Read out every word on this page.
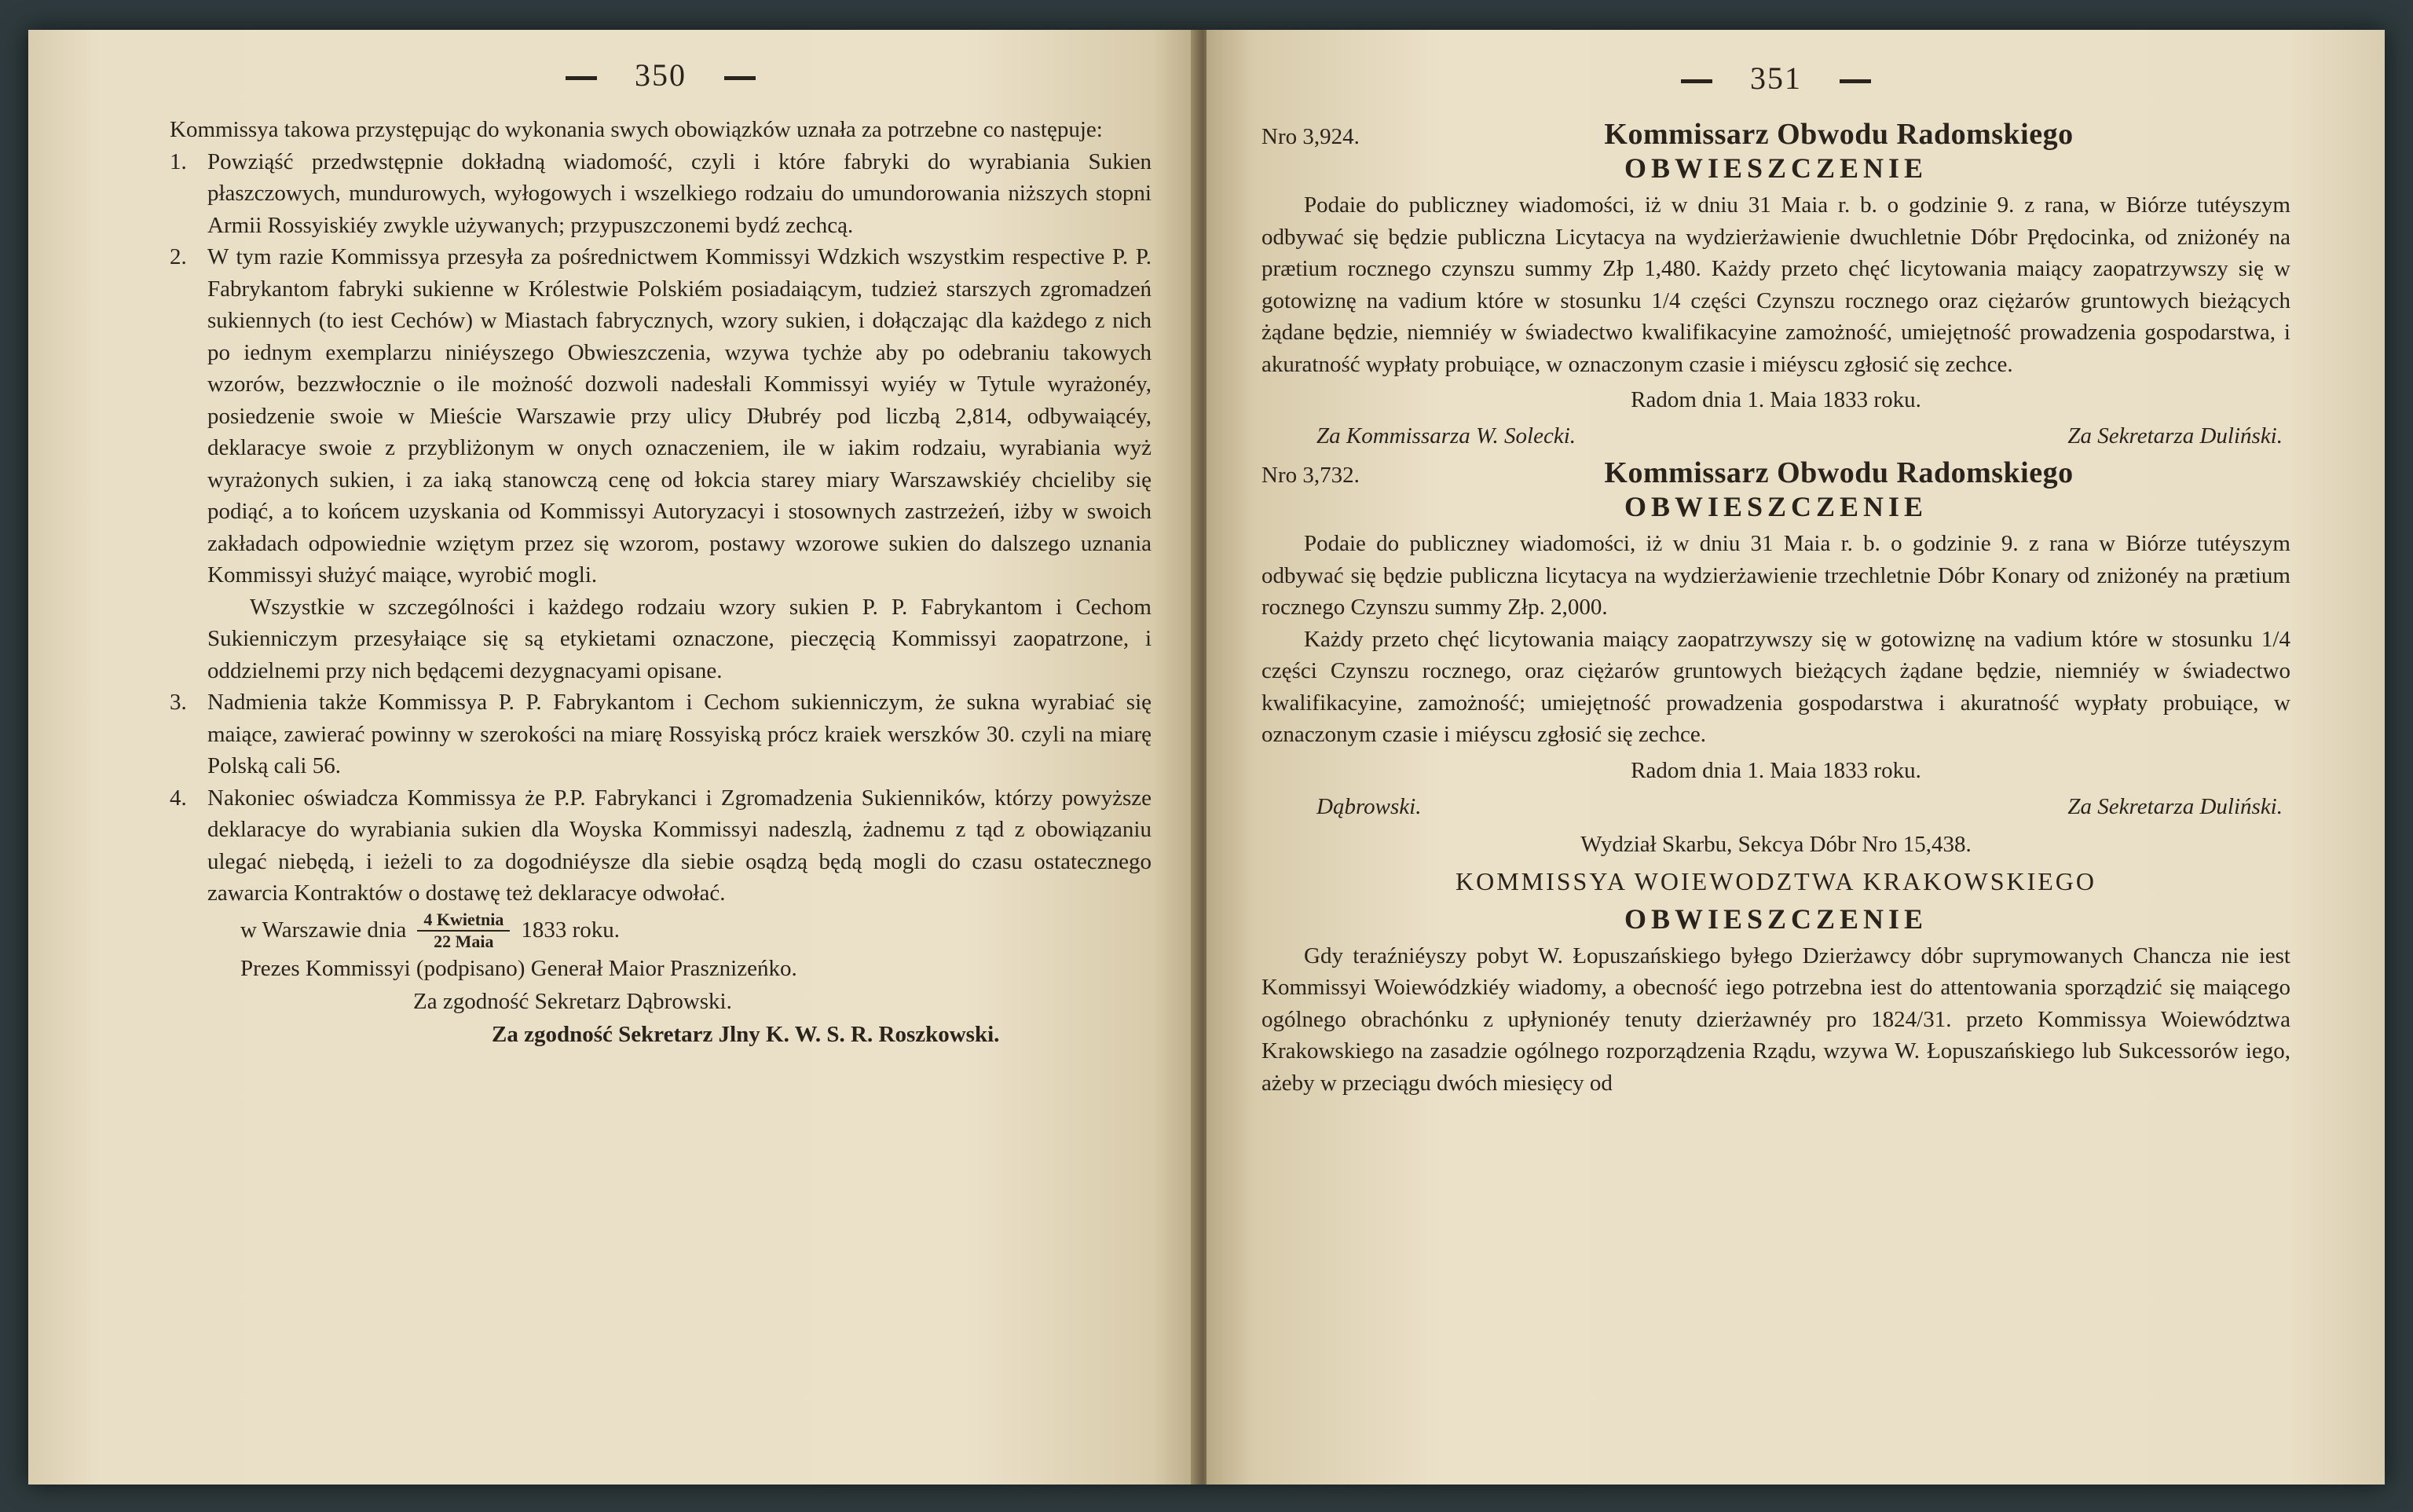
350

Kommissya takowa przystępując do wykonania swych obowiązków uznała za potrzebne co następuje:

1. Powziąść przedwstępnie dokładną wiadomość, czyli i które fabryki do wyrabiania Sukien płaszczowych, mundurowych, wyłogowych i wszelkiego rodzaiu do umundorowania niższych stopni Armii Rossyiskiéy zwykle używanych; przypuszczonemi bydź zechcą.

2. W tym razie Kommissya przesyła za pośrednictwem Kommissyi Wdzkich wszystkim respective P. P. Fabrykantom fabryki sukienne w Królestwie Polskiém posiadaiącym, tudzież starszych zgromadzeń sukiennych (to iest Cechów) w Miastach fabrycznych, wzory sukien, i dołączając dla każdego z nich po iednym exemplarzu niniéyszego Obwieszczenia, wzywa tychże aby po odebraniu takowych wzorów, bezzwłocznie o ile możność dozwoli nadesłali Kommissyi wyiéy w Tytule wyrażonéy, posiedzenie swoie w Mieście Warszawie przy ulicy Dłubréy pod liczbą 2,814, odbywaiącéy, deklaracye swoie z przybliżonym w onych oznaczeniem, ile w iakim rodzaiu, wyrabiania wyż wyrażonych sukien, i za iaką stanowczą cenę od łokcia starey miary Warszawskiéy chcieliby się podiąć, a to końcem uzyskania od Kommissyi Autoryzacyi i stosownych zastrzeżeń, iżby w swoich zakładach odpowiednie wziętym przez się wzorom, postawy wzorowe sukien do dalszego uznania Kommissyi służyć maiące, wyrobić mogli.

Wszystkie w szczególności i każdego rodzaiu wzory sukien P. P. Fabrykantom i Cechom Sukienniczym przesyłaiące się są etykietami oznaczone, pieczęcią Kommissyi zaopatrzone, i oddzielnemi przy nich będącemi dezygnacyami opisane.

3. Nadmienia także Kommissya P. P. Fabrykantom i Cechom sukienniczym, że sukna wyrabiać się maiące, zawierać powinny w szerokości na miarę Rossyiską prócz kraiek werszków 30. czyli na miarę Polską cali 56.

4. Nakoniec oświadcza Kommissya że P.P. Fabrykanci i Zgromadzenia Sukienników, którzy powyższe deklaracye do wyrabiania sukien dla Woyska Kommissyi nadeszlą, żadnemu z tąd z obowiązaniu ulegać niebędą, i ieżeli to za dogodniéysze dla siebie osądzą będą mogli do czasu ostatecznego zawarcia Kontraktów o dostawę też deklaracye odwołać.

w Warszawie dnia $\frac{\text{4 Kwietnia}}{\text{22 Maia}} 1833$ roku.

Prezes Kommissyi (podpisano) Generał Maior Prasznizeńko.

Za zgodność Sekretarz Dąbrowski.

Za zgodność Sekretarz Jlny K. W. S. R. Roszkowski.

351
Nro 3,924.	Kommissarz Obwodu Radomskiego
OBWIESZCZENIE

Podaie do publiczney wiadomości, iż w dniu 31 Maia r. b. o godzinie 9. z rana, w Biórze tutéyszym odbywać się będzie publiczna Licytacya na wydzierżawienie dwuchletnie Dóbr Prędocinka, od zniżonéy na prætium rocznego czynszu summy Złp 1,480. Każdy przeto chęć licytowania maiący zaopatrzywszy się w gotowiznę na vadium które w stosunku 1/4 części Czynszu rocznego oraz ciężarów gruntowych bieżących żądane będzie, niemniéy w świadectwo kwalifikacyine zamożność, umiejętność prowadzenia gospodarstwa, i akuratność wypłaty probuiące, w oznaczonym czasie i miéyscu zgłosić się zechce.

Radom dnia 1. Maia 1833 roku.
Za Kommissarza W. Solecki.	Za Sekretarza Duliński.
Nro 3,732.	Kommissarz Obwodu Radomskiego
OBWIESZCZENIE

Podaie do publiczney wiadomości, iż w dniu 31 Maia r. b. o godzinie 9. z rana w Biórze tutéyszym odbywać się będzie publiczna licytacya na wydzierżawienie trzechletnie Dóbr Konary od zniżonéy na prætium rocznego Czynszu summy Złp. 2,000.

Każdy przeto chęć licytowania maiący zaopatrzywszy się w gotowiznę na vadium które w stosunku 1/4 części Czynszu rocznego, oraz ciężarów gruntowych bieżących żądane będzie, niemniéy w świadectwo kwalifikacyine, zamożność; umiejętność prowadzenia gospodarstwa i akuratność wypłaty probuiące, w oznaczonym czasie i miéyscu zgłosić się zechce.

Radom dnia 1. Maia 1833 roku.
Dąbrowski.	Za Sekretarza Duliński.
Wydział Skarbu, Sekcya Dóbr Nro 15,438.
KOMMISSYA WOIEWODZTWA KRAKOWSKIEGO
OBWIESZCZENIE

Gdy teraźniéyszy pobyt W. Łopuszańskiego byłego Dzierżawcy dóbr suprymowanych Chancza nie iest Kommissyi Woiewódzkiéy wiadomy, a obecność iego potrzebna iest do attentowania sporządzić się maiącego ogólnego obrachónku z upłynionéy tenuty dzierżawnéy pro 1824/31. przeto Kommissya Woiewództwa Krakowskiego na zasadzie ogólnego rozporządzenia Rządu, wzywa W. Łopuszańskiego lub Sukcessorów iego, ażeby w przeciągu dwóch miesięcy od
